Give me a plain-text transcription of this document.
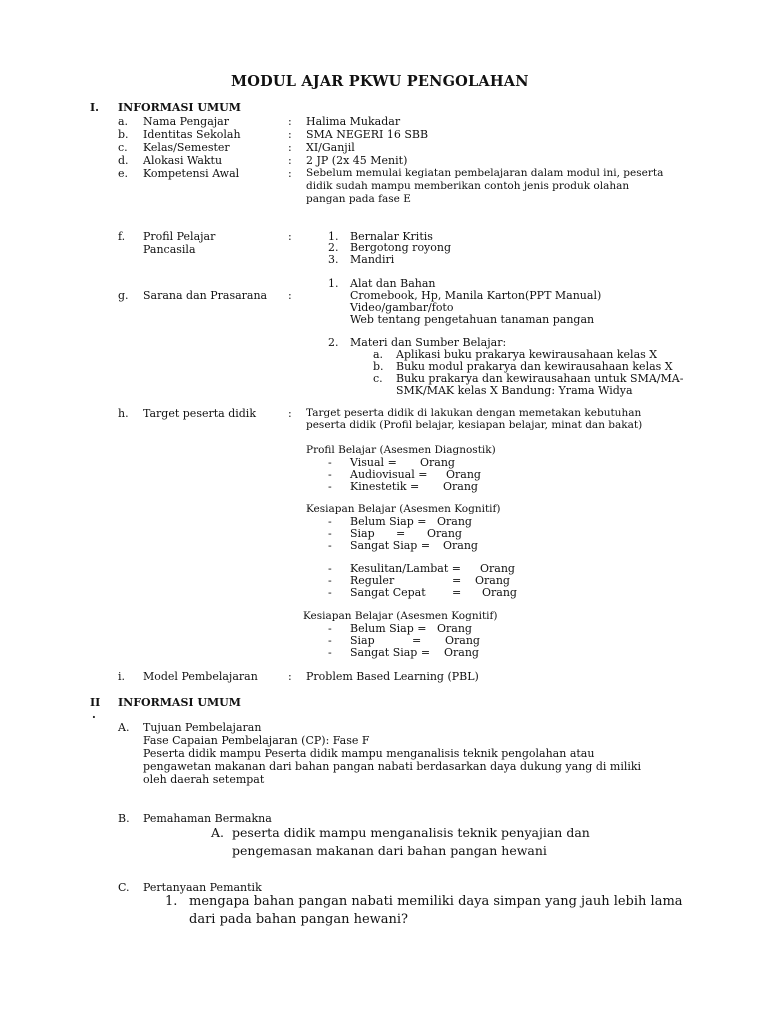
MODUL AJAR PKWU PENGOLAHAN
I. INFORMASI UMUM
a. Nama Pengajar	: Halima Mukadar
b. Identitas Sekolah	: SMA NEGERI 16 SBB
c. Kelas/Semester	: XI/Ganjil
d. Alokasi Waktu	: 2 JP (2x 45 Menit)
e. Kompetensi Awal	: Sebelum memulai kegiatan pembelajaran dalam modul ini, peserta
didik sudah mampu memberikan contoh jenis produk olahan
pangan pada fase E
f. Profil Pelajar
Pancasila
:	1. Bernalar Kritis
2. Bergotong royong
3. Mandiri
1. Alat dan Bahan
g. Sarana dan Prasarana :	Cromebook, Hp, Manila Karton(PPT Manual)
Video/gambar/foto
Web tentang pengetahuan tanaman pangan
2. Materi dan Sumber Belajar:
a. Aplikasi buku prakarya kewirausahaan kelas X
b. Buku modul prakarya dan kewirausahaan kelas X
c. Buku prakarya dan kewirausahaan untuk SMA/MA-
SMK/MAK kelas X Bandung: Yrama Widya
h. Target peserta didik	: Target peserta didik di lakukan dengan memetakan kebutuhan
peserta didik (Profil belajar, kesiapan belajar, minat dan bakat)
Profil Belajar (Asesmen Diagnostik)
- Visual = Orang
- Audiovisual = Orang
- Kinestetik = Orang
Kesiapan Belajar (Asesmen Kognitif)
- Belum Siap = Orang
- Siap = Orang
- Sangat Siap = Orang
- Kesulitan/Lambat = Orang
- Reguler	= Orang
- Sangat Cepat = Orang
Kesiapan Belajar (Asesmen Kognitif)
- Belum Siap = Orang
- Siap	= Orang
- Sangat Siap = Orang
i. Model Pembelajaran	: Problem Based Learning (PBL)
II
.
INFORMASI UMUM
A. Tujuan Pembelajaran
Fase Capaian Pembelajaran (CP): Fase F
Peserta didik mampu Peserta didik mampu menganalisis teknik pengolahan atau
pengawetan makanan dari bahan pangan nabati berdasarkan daya dukung yang di miliki
oleh daerah setempat
B. Pemahaman Bermakna
A. peserta didik mampu menganalisis teknik penyajian dan
pengemasan makanan dari bahan pangan hewani
C. Pertanyaan Pemantik
1. mengapa bahan pangan nabati memiliki daya simpan yang jauh lebih lama
dari pada bahan pangan hewani?
